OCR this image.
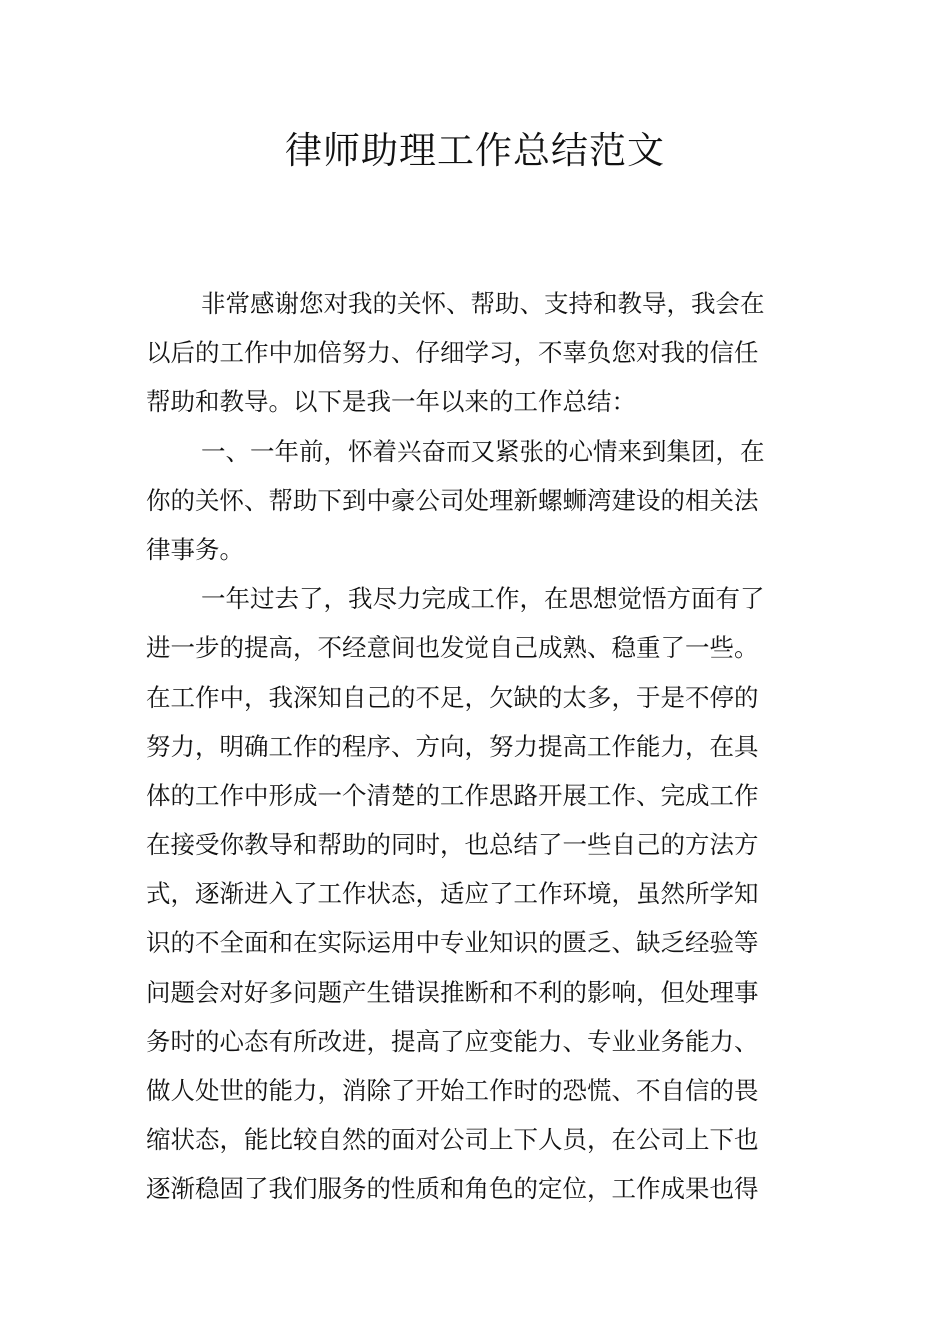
律师助理工作总结范文
非常感谢您对我的关怀、帮助、支持和教导，我会在
以后的工作中加倍努力、仔细学习，不辜负您对我的信任
帮助和教导。以下是我一年以来的工作总结：
一、一年前，怀着兴奋而又紧张的心情来到集团，在
你的关怀、帮助下到中豪公司处理新螺蛳湾建设的相关法
律事务。
一年过去了，我尽力完成工作，在思想觉悟方面有了
进一步的提高，不经意间也发觉自己成熟、稳重了一些。
在工作中，我深知自己的不足，欠缺的太多，于是不停的
努力，明确工作的程序、方向，努力提高工作能力，在具
体的工作中形成一个清楚的工作思路开展工作、完成工作
在接受你教导和帮助的同时，也总结了一些自己的方法方
式，逐渐进入了工作状态，适应了工作环境，虽然所学知
识的不全面和在实际运用中专业知识的匮乏、缺乏经验等
问题会对好多问题产生错误推断和不利的影响，但处理事
务时的心态有所改进，提高了应变能力、专业业务能力、
做人处世的能力，消除了开始工作时的恐慌、不自信的畏
缩状态，能比较自然的面对公司上下人员，在公司上下也
逐渐稳固了我们服务的性质和角色的定位，工作成果也得
